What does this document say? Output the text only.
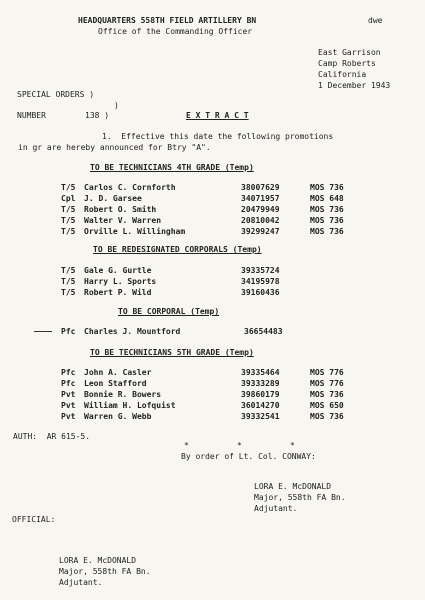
HEADQUARTERS 558TH FIELD ARTILLERY BN
Office of the Commanding Officer
dwe
East Garrison
Camp Roberts
California
1 December 1943
SPECIAL ORDERS )
)
NUMBER	138 )	E X T R A C T
1.  Effective this date the following promotions
in gr are hereby announced for Btry "A".
TO BE TECHNICIANS 4TH GRADE (Temp)
T/5 Carlos C. Cornforth	38007629	MOS 736
Cpl J. D. Garsee	34071957	MOS 648
T/5 Robert O. Smith	20479949	MOS 736
T/5 Walter V. Warren	20810042	MOS 736
T/5 Orville L. Willingham	39299247	MOS 736
TO BE REDESIGNATED CORPORALS (Temp)
T/5 Gale G. Gurtle	39335724
T/5 Harry L. Sports	34195978
T/5 Robert P. Wild	39160436
TO BE CORPORAL (Temp)
Pfc Charles J. Mountford	36654483
TO BE TECHNICIANS 5TH GRADE (Temp)
Pfc John A. Casler	39335464	MOS 776
Pfc Leon Stafford	39333289	MOS 776
Pvt Bonnie R. Bowers	39860179	MOS 736
Pvt William H. Lofquist	36014270	MOS 650
Pvt Warren G. Webb	39332541	MOS 736
AUTH:  AR 615-5.
*          *          *
By order of Lt. Col. CONWAY:
LORA E. McDONALD
Major, 558th FA Bn.
Adjutant.
OFFICIAL:
LORA E. McDONALD
Major, 558th FA Bn.
Adjutant.
